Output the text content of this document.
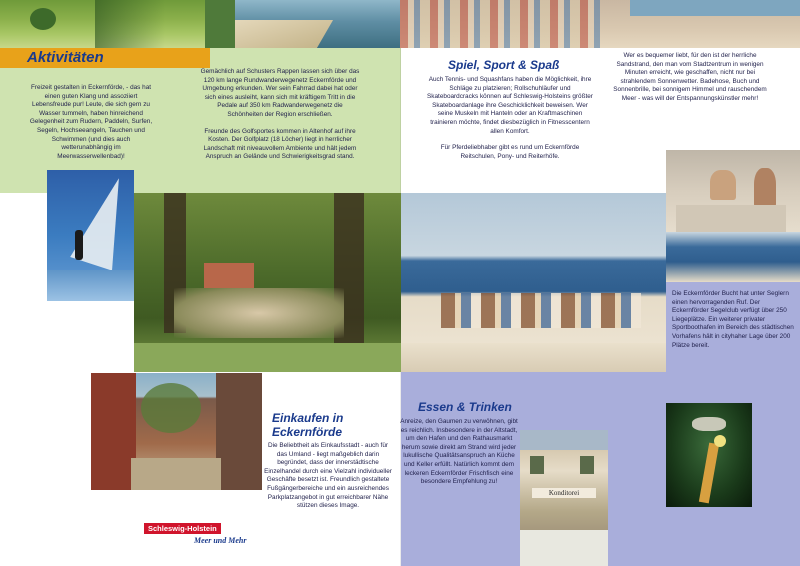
Aktivitäten

Freizeit gestalten in Eckernförde, - das hat einen guten Klang und assoziiert Lebensfreude pur! Leute, die sich gern zu Wasser tummeln, haben hinreichend Gelegenheit zum Rudern, Paddeln, Surfen, Segeln, Hochseeangeln, Tauchen und Schwimmen (und dies auch wetterunabhängig im Meerwasserwellenbad)!

Gemächlich auf Schusters Rappen lassen sich über das 120 km lange Rundwanderwegenetz Eckernförde und Umgebung erkunden. Wer sein Fahrrad dabei hat oder sich eines ausleiht, kann sich mit kräftigem Tritt in die Pedale auf 350 km Radwanderwegenetz die Schönheiten der Region erschließen.

Freunde des Golfsportes kommen in Altenhof auf ihre Kosten. Der Golfplatz (18 Löcher) liegt in herrlicher Landschaft mit niveauvollem Ambiente und hält jedem Anspruch an Gelände und Schwierigkeitsgrad stand.

Spiel, Sport & Spaß

Auch Tennis- und Squashfans haben die Möglichkeit, ihre Schläge zu platzieren; Rollschuhläufer und Skateboardcracks können auf Schleswig-Holsteins größter Skateboardanlage ihre Geschicklichkeit beweisen. Wer seine Muskeln mit Hanteln oder an Kraftmaschinen trainieren möchte, findet diesbezüglich in Fitnesscentern allen Komfort.

Für Pferdeliebhaber gibt es rund um Eckernförde Reitschulen, Pony- und Reiterhöfe.

Wer es bequemer liebt, für den ist der herrliche Sandstrand, den man vom Stadtzentrum in wenigen Minuten erreicht, wie geschaffen, nicht nur bei strahlendem Sonnenwetter. Badehose, Buch und Sonnenbrille, bei sonnigem Himmel und rauschendem Meer - was will der Entspannungskünstler mehr!

Die Eckernförder Bucht hat unter Seglern einen hervorragenden Ruf. Der Eckernförder Segelclub verfügt über 250 Liegeplätze. Ein weiterer privater Sportboothafen im Bereich des städtischen Vorhafens hält in cityhaher Lage über 200 Plätze bereit.

Einkaufen in
Eckernförde

Die Beliebtheit als Einkaufsstadt - auch für das Umland - liegt maßgeblich darin begründet, dass der innerstädtische Einzelhandel durch eine Vielzahl individueller Geschäfte besetzt ist. Freundlich gestaltete Fußgängerbereiche und ein ausreichendes Parkplatzangebot in gut erreichbarer Nähe stützen dieses Image.

Schleswig-Holstein
Meer und Mehr
Essen & Trinken

Anreize, den Gaumen zu verwöhnen, gibt es reichlich. Insbesondere in der Altstadt, um den Hafen und den Rathausmarkt herum sowie direkt am Strand wird jeder lukullische Qualitätsanspruch an Küche und Keller erfüllt. Natürlich kommt dem leckeren Eckernförder Frischfisch eine besondere Empfehlung zu!

Konditorei
